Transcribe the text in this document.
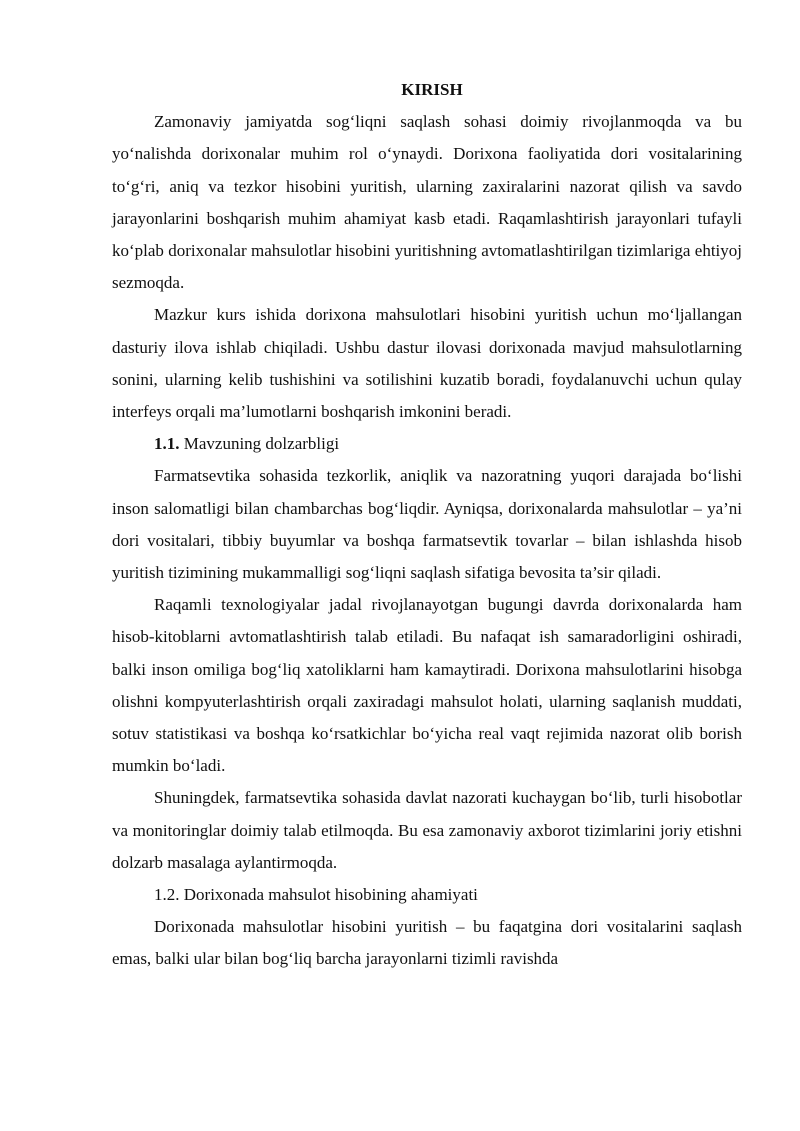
KIRISH

Zamonaviy jamiyatda sog‘liqni saqlash sohasi doimiy rivojlanmoqda va bu yo‘nalishda dorixonalar muhim rol o‘ynaydi. Dorixona faoliyatida dori vositalarining to‘g‘ri, aniq va tezkor hisobini yuritish, ularning zaxiralarini nazorat qilish va savdo jarayonlarini boshqarish muhim ahamiyat kasb etadi. Raqamlashtirish jarayonlari tufayli ko‘plab dorixonalar mahsulotlar hisobini yuritishning avtomatlashtirilgan tizimlariga ehtiyoj sezmoqda.

Mazkur kurs ishida dorixona mahsulotlari hisobini yuritish uchun mo‘ljallangan dasturiy ilova ishlab chiqiladi. Ushbu dastur ilovasi dorixonada mavjud mahsulotlarning sonini, ularning kelib tushishini va sotilishini kuzatib boradi, foydalanuvchi uchun qulay interfeys orqali ma’lumotlarni boshqarish imkonini beradi.

1.1. Mavzuning dolzarbligi

Farmatsevtika sohasida tezkorlik, aniqlik va nazoratning yuqori darajada bo‘lishi inson salomatligi bilan chambarchas bog‘liqdir. Ayniqsa, dorixonalarda mahsulotlar – ya’ni dori vositalari, tibbiy buyumlar va boshqa farmatsevtik tovarlar – bilan ishlashda hisob yuritish tizimining mukammalligi sog‘liqni saqlash sifatiga bevosita ta’sir qiladi.

Raqamli texnologiyalar jadal rivojlanayotgan bugungi davrda dorixonalarda ham hisob-kitoblarni avtomatlashtirish talab etiladi. Bu nafaqat ish samaradorligini oshiradi, balki inson omiliga bog‘liq xatoliklarni ham kamaytiradi. Dorixona mahsulotlarini hisobga olishni kompyuterlashtirish orqali zaxiradagi mahsulot holati, ularning saqlanish muddati, sotuv statistikasi va boshqa ko‘rsatkichlar bo‘yicha real vaqt rejimida nazorat olib borish mumkin bo‘ladi.

Shuningdek, farmatsevtika sohasida davlat nazorati kuchaygan bo‘lib, turli hisobotlar va monitoringlar doimiy talab etilmoqda. Bu esa zamonaviy axborot tizimlarini joriy etishni dolzarb masalaga aylantirmoqda.

1.2. Dorixonada mahsulot hisobining ahamiyati

Dorixonada mahsulotlar hisobini yuritish – bu faqatgina dori vositalarini saqlash emas, balki ular bilan bog‘liq barcha jarayonlarni tizimli ravishda
